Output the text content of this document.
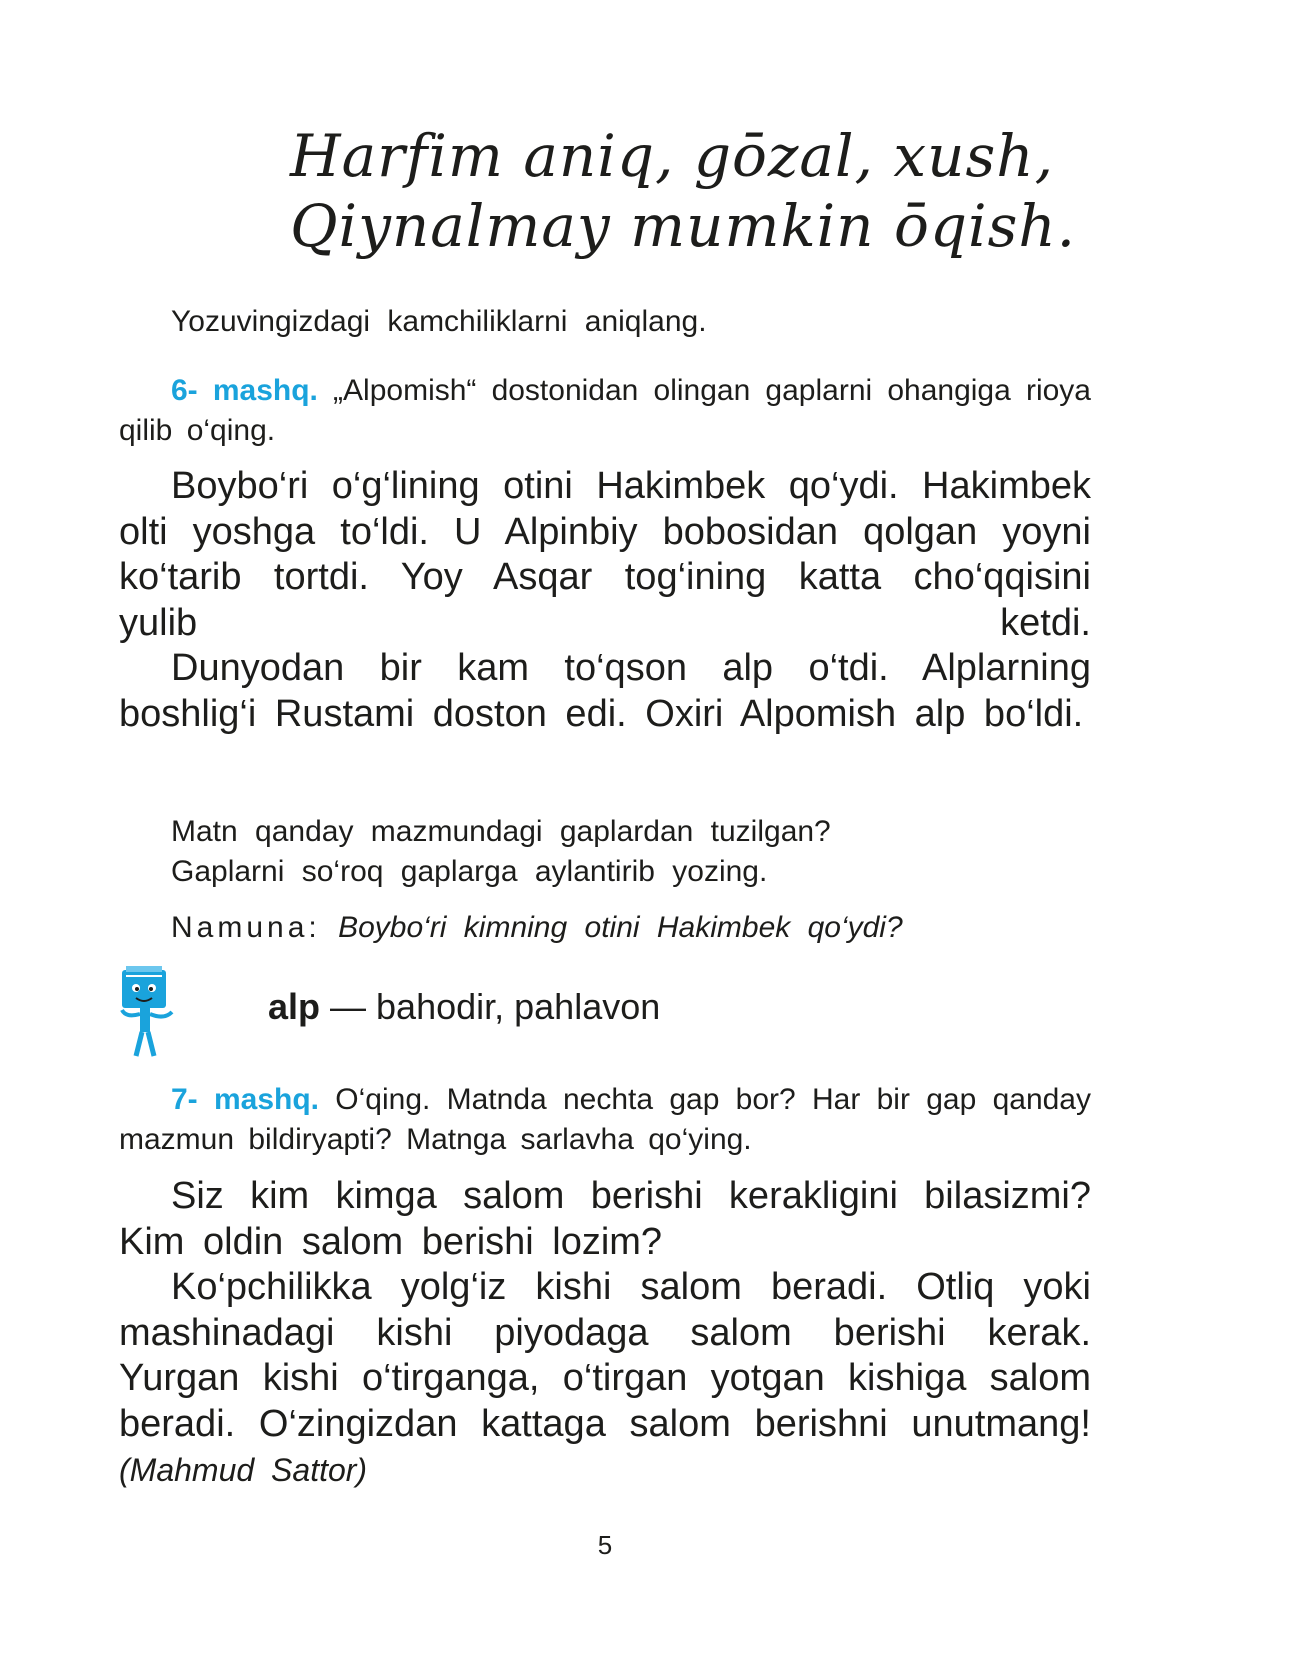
Harfim aniq, gōzal, xush,
Qiynalmay mumkin ōqish.
Yozuvingizdagi kamchiliklarni aniqlang.
6- mashq. „Alpomish“ dostonidan olingan gaplarni ohangiga rioya qilib o‘qing.

Boybo‘ri o‘g‘lining otini Hakimbek qo‘ydi. Hakimbek olti yoshga to‘ldi. U Alpinbiy bobosidan qolgan yoyni ko‘tarib tortdi. Yoy Asqar tog‘ining katta cho‘qqisini yulib ketdi.

Dunyodan bir kam to‘qson alp o‘tdi. Alplarning boshlig‘i Rustami doston edi. Oxiri Alpomish alp bo‘ldi.

Matn qanday mazmundagi gaplardan tuzilgan?
Gaplarni so‘roq gaplarga aylantirib yozing.
Namuna: Boybo‘ri kimning otini Hakimbek qo‘ydi?
alp — bahodir, pahlavon
7- mashq. O‘qing. Matnda nechta gap bor? Har bir gap qanday mazmun bildiryapti? Matnga sarlavha qo‘ying.

Siz kim kimga salom berishi kerakligini bilasizmi? Kim oldin salom berishi lozim?

Ko‘pchilikka yolg‘iz kishi salom beradi. Otliq yoki mashinadagi kishi piyodaga salom berishi kerak. Yurgan kishi o‘tirganga, o‘tirgan yotgan kishiga salom beradi. O‘zingizdan kattaga salom berishni unutmang! (Mahmud Sattor)

5
